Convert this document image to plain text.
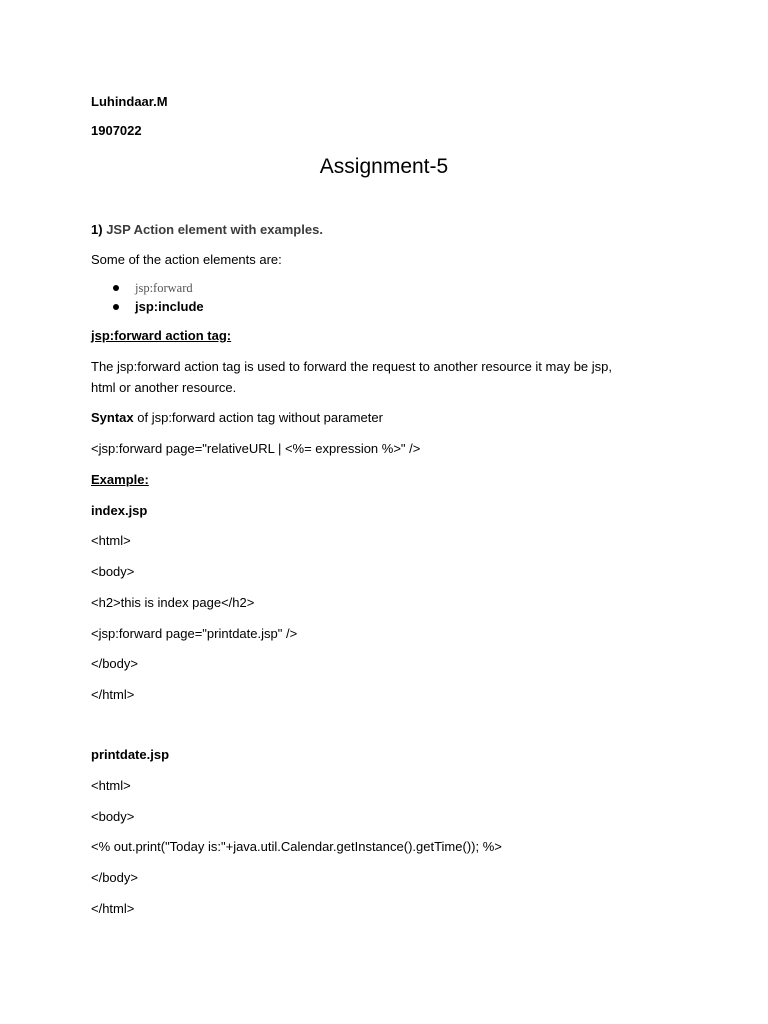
Luhindaar.M
1907022
Assignment-5
1) JSP Action element with examples.
Some of the action elements are:
jsp:forward
jsp:include
jsp:forward action tag:
The jsp:forward action tag is used to forward the request to another resource it may be jsp,
html or another resource.
Syntax of jsp:forward action tag without parameter
<jsp:forward page="relativeURL | <%= expression %>" />
Example:
index.jsp
<html>
<body>
<h2>this is index page</h2>
<jsp:forward page="printdate.jsp" />
</body>
</html>
printdate.jsp
<html>
<body>
<% out.print("Today is:"+java.util.Calendar.getInstance().getTime()); %>
</body>
</html>
